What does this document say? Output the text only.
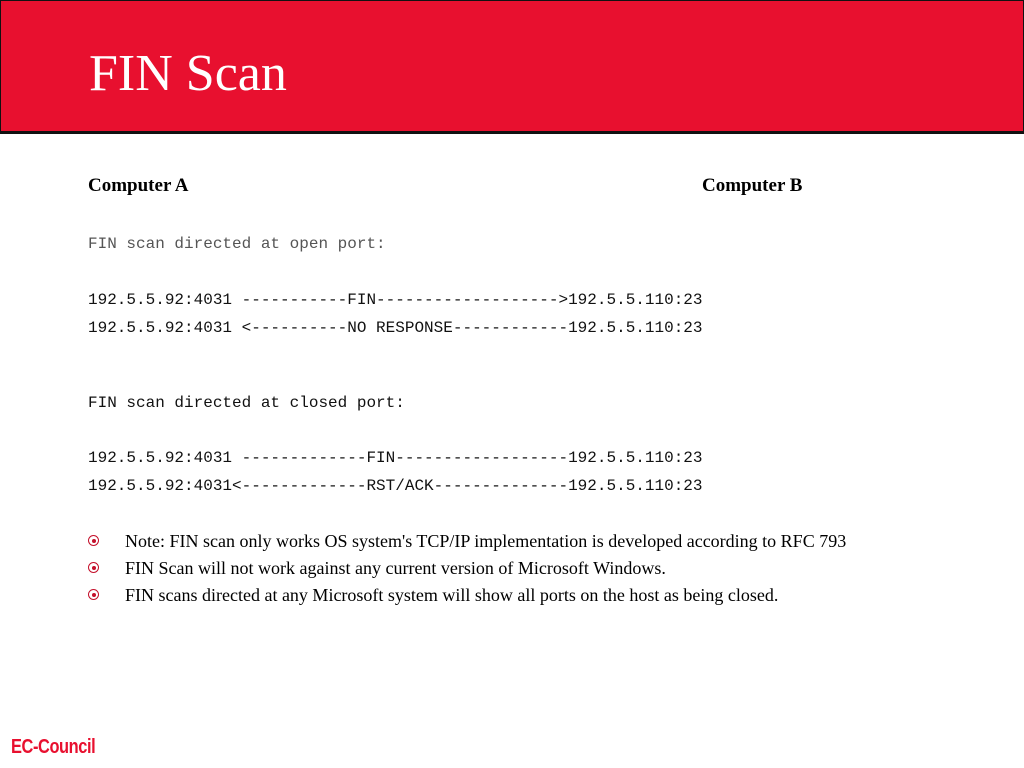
FIN Scan
Computer A	Computer B
FIN scan directed at open port:
192.5.5.92:4031 -----------FIN------------------->192.5.5.110:23
192.5.5.92:4031 <----------NO RESPONSE------------192.5.5.110:23
FIN scan directed at closed port:
192.5.5.92:4031 -------------FIN------------------192.5.5.110:23
192.5.5.92:4031<-------------RST/ACK--------------192.5.5.110:23
Note: FIN scan only works OS system's TCP/IP implementation is developed according to RFC 793
FIN Scan will not work against any current version of Microsoft Windows.
FIN scans directed at any Microsoft system will show all ports on the host as being closed.
EC-Council
